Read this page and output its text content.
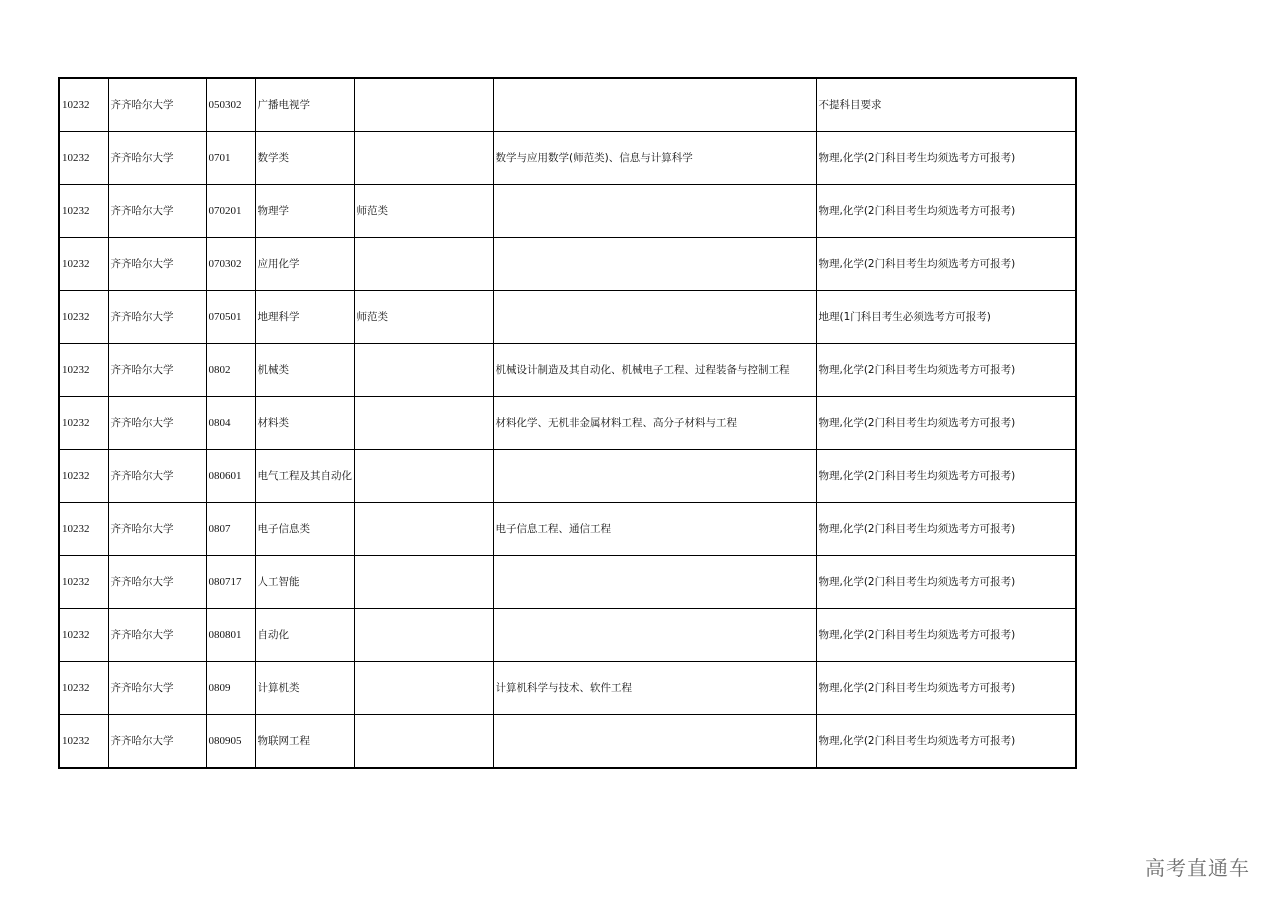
10232	齐齐哈尔大学	050302	广播电视学			不提科目要求
10232	齐齐哈尔大学	0701	数学类		数学与应用数学(师范类)、信息与计算科学	物理,化学(2门科目考生均须选考方可报考)
10232	齐齐哈尔大学	070201	物理学	师范类		物理,化学(2门科目考生均须选考方可报考)
10232	齐齐哈尔大学	070302	应用化学			物理,化学(2门科目考生均须选考方可报考)
10232	齐齐哈尔大学	070501	地理科学	师范类		地理(1门科目考生必须选考方可报考)
10232	齐齐哈尔大学	0802	机械类		机械设计制造及其自动化、机械电子工程、过程装备与控制工程	物理,化学(2门科目考生均须选考方可报考)
10232	齐齐哈尔大学	0804	材料类		材料化学、无机非金属材料工程、高分子材料与工程	物理,化学(2门科目考生均须选考方可报考)
10232	齐齐哈尔大学	080601	电气工程及其自动化			物理,化学(2门科目考生均须选考方可报考)
10232	齐齐哈尔大学	0807	电子信息类		电子信息工程、通信工程	物理,化学(2门科目考生均须选考方可报考)
10232	齐齐哈尔大学	080717	人工智能			物理,化学(2门科目考生均须选考方可报考)
10232	齐齐哈尔大学	080801	自动化			物理,化学(2门科目考生均须选考方可报考)
10232	齐齐哈尔大学	0809	计算机类		计算机科学与技术、软件工程	物理,化学(2门科目考生均须选考方可报考)
10232	齐齐哈尔大学	080905	物联网工程			物理,化学(2门科目考生均须选考方可报考)
高考直通车
